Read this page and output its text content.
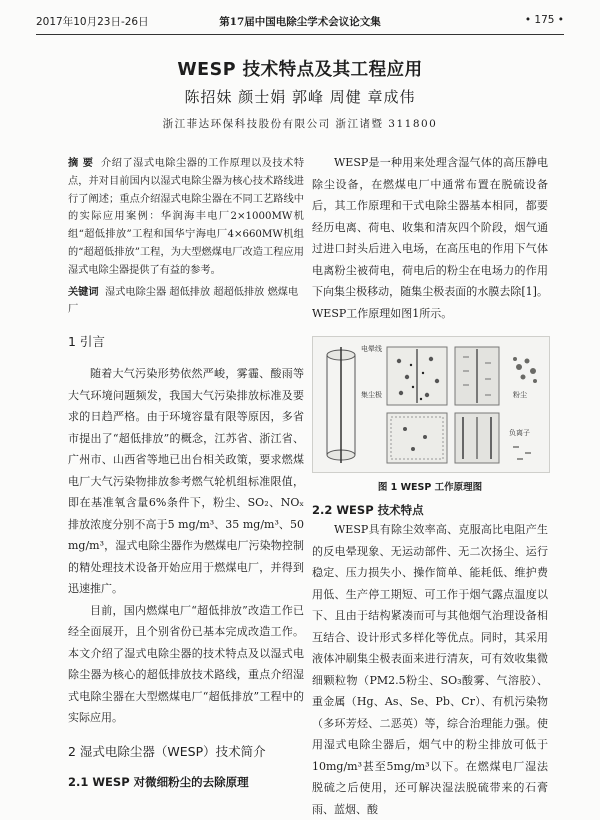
2017年10月23日-26日	第17届中国电除尘学术会议论文集	• 175 •
WESP 技术特点及其工程应用
陈招妹 颜士娟 郭峰 周健 章成伟
浙江菲达环保科技股份有限公司 浙江诸暨 311800

摘 要 介绍了湿式电除尘器的工作原理以及技术特点，并对目前国内以湿式电除尘器为核心技术路线进行了阐述；重点介绍湿式电除尘器在不同工艺路线中的实际应用案例：华润海丰电厂2×1000MW机组“超低排放”工程和国华宁海电厂4×660MW机组的“超超低排放”工程，为大型燃煤电厂改造工程应用湿式电除尘器提供了有益的参考。

关键词 湿式电除尘器 超低排放 超超低排放 燃煤电厂

1 引言

随着大气污染形势依然严峻，雾霾、酸雨等大气环境问题频发，我国大气污染排放标准及要求的日趋严格。由于环境容量有限等原因，多省市提出了“超低排放”的概念，江苏省、浙江省、广州市、山西省等地已出台相关政策，要求燃煤电厂大气污染物排放参考燃气轮机组标准限值，即在基准氧含量6%条件下，粉尘、SO₂、NOₓ排放浓度分别不高于5 mg/m³、35 mg/m³、50 mg/m³，湿式电除尘器作为燃煤电厂污染物控制的精处理技术设备开始应用于燃煤电厂，并得到迅速推广。

目前，国内燃煤电厂“超低排放”改造工作已经全面展开，且个别省份已基本完成改造工作。本文介绍了湿式电除尘器的技术特点及以湿式电除尘器为核心的超低排放技术路线，重点介绍湿式电除尘器在大型燃煤电厂“超低排放”工程中的实际应用。

2 湿式电除尘器（WESP）技术简介
2.1 WESP 对微细粉尘的去除原理

WESP是一种用来处理含湿气体的高压静电除尘设备，在燃煤电厂中通常布置在脱硫设备后，其工作原理和干式电除尘器基本相同，都要经历电离、荷电、收集和清灰四个阶段，烟气通过进口封头后进入电场，在高压电的作用下气体电离粉尘被荷电，荷电后的粉尘在电场力的作用下向集尘极移动，随集尘极表面的水膜去除[1]。WESP工作原理如图1所示。

电晕线
集尘极	粉尘
负离子
图 1 WESP 工作原理图
2.2 WESP 技术特点

WESP具有除尘效率高、克服高比电阻产生的反电晕现象、无运动部件、无二次扬尘、运行稳定、压力损失小、操作简单、能耗低、维护费用低、生产停工期短、可工作于烟气露点温度以下、且由于结构紧凑而可与其他烟气治理设备相互结合、设计形式多样化等优点。同时，其采用液体冲刷集尘极表面来进行清灰，可有效收集微细颗粒物（PM2.5粉尘、SO₃酸雾、气溶胶）、重金属（Hg、As、Se、Pb、Cr）、有机污染物（多环芳烃、二恶英）等，综合治理能力强。使用湿式电除尘器后，烟气中的粉尘排放可低于10mg/m³甚至5mg/m³以下。在燃煤电厂湿法脱硫之后使用，还可解决湿法脱硫带来的石膏雨、蓝烟、酸
